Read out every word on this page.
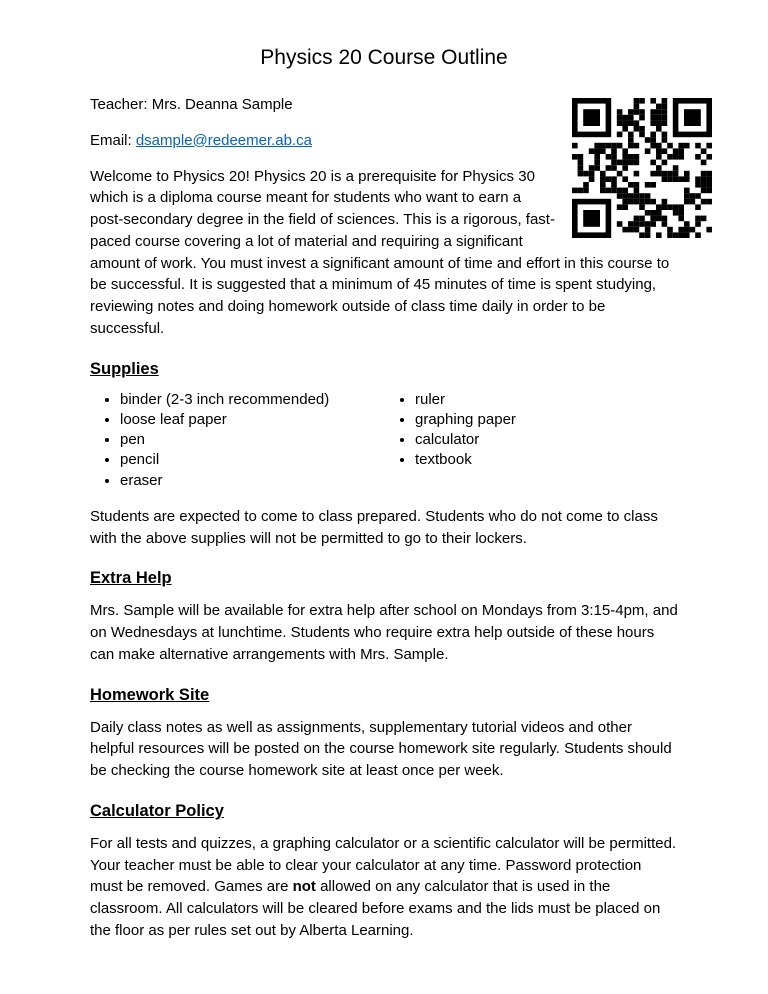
Physics 20 Course Outline

Teacher: Mrs. Deanna Sample

Email: dsample@redeemer.ab.ca

Welcome to Physics 20! Physics 20 is a prerequisite for Physics 30 which is a diploma course meant for students who want to earn a post-secondary degree in the field of sciences. This is a rigorous, fast-paced course covering a lot of material and requiring a significant amount of work. You must invest a significant amount of time and effort in this course to be successful. It is suggested that a minimum of 45 minutes of time is spent studying, reviewing notes and doing homework outside of class time daily in order to be successful.

Supplies
• binder (2-3 inch recommended)
• loose leaf paper
• pen
• pencil
• eraser
• ruler
• graphing paper
• calculator
• textbook

Students are expected to come to class prepared. Students who do not come to class with the above supplies will not be permitted to go to their lockers.

Extra Help

Mrs. Sample will be available for extra help after school on Mondays from 3:15-4pm, and on Wednesdays at lunchtime. Students who require extra help outside of these hours can make alternative arrangements with Mrs. Sample.

Homework Site

Daily class notes as well as assignments, supplementary tutorial videos and other helpful resources will be posted on the course homework site regularly. Students should be checking the course homework site at least once per week.

Calculator Policy

For all tests and quizzes, a graphing calculator or a scientific calculator will be permitted. Your teacher must be able to clear your calculator at any time. Password protection must be removed. Games are not allowed on any calculator that is used in the classroom. All calculators will be cleared before exams and the lids must be placed on the floor as per rules set out by Alberta Learning.
